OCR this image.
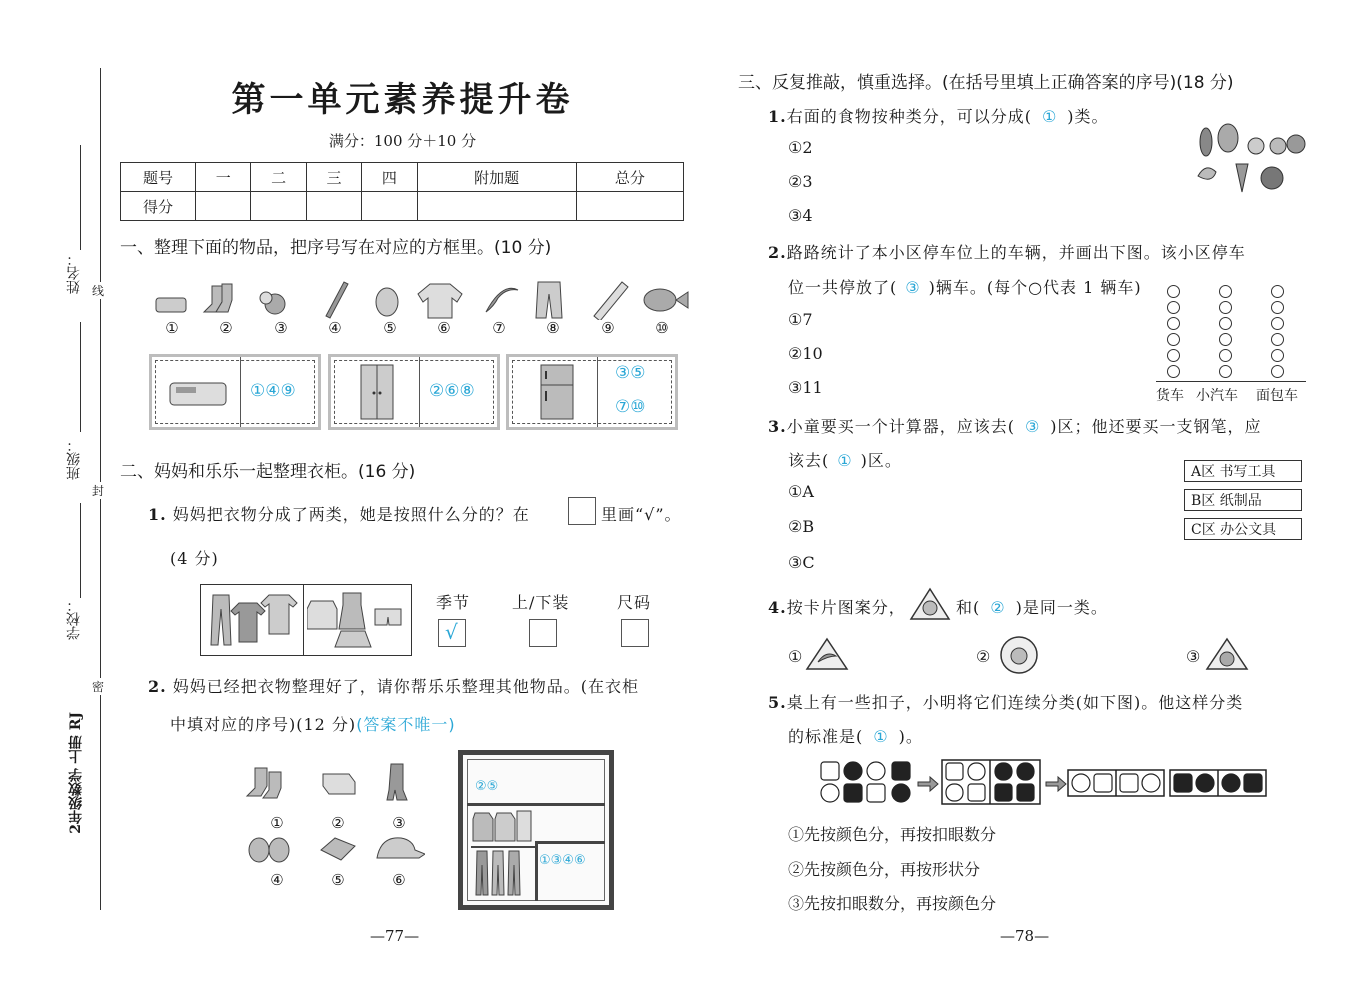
姓名：
班级：
学校：
线
封
密
2年级数学 上册 RJ
第一单元素养提升卷
满分：100 分＋10 分
题号	一	二	三	四	附加题	总分
得分						
一、整理下面的物品，把序号写在对应的方框里。(10 分)
①	②	③	④	⑤	⑥	⑦	⑧	⑨	⑩
①④⑨	②⑥⑧
③⑤
⑦⑩
二、妈妈和乐乐一起整理衣柜。(16 分)
1. 妈妈把衣物分成了两类，她是按照什么分的？在	里画“√”。
(4 分)
季节	上/下装	尺码
√
2. 妈妈已经把衣物整理好了，请你帮乐乐整理其他物品。(在衣柜
中填对应的序号)(12 分)(答案不唯一)
①	②	③
④	⑤	⑥
②⑤
①③④⑥
—77—
三、反复推敲，慎重选择。(在括号里填上正确答案的序号)(18 分)
1.右面的食物按种类分，可以分成( ① )类。
①2
②3
③4
2.路路统计了本小区停车位上的车辆，并画出下图。该小区停车
位一共停放了( ③ )辆车。(每个○代表 1 辆车)
①7
②10
③11	货车 小汽车 面包车
3.小童要买一个计算器，应该去( ③ )区；他还要买一支钢笔，应
该去( ① )区。
①A
②B
③C
A区 书写工具
B区 纸制品
C区 办公文具
4.按卡片图案分，	和( ② )是同一类。
①	②	③
5.桌上有一些扣子，小明将它们连续分类(如下图)。他这样分类
的标准是( ① )。
①先按颜色分，再按扣眼数分
②先按颜色分，再按形状分
③先按扣眼数分，再按颜色分
—78—
